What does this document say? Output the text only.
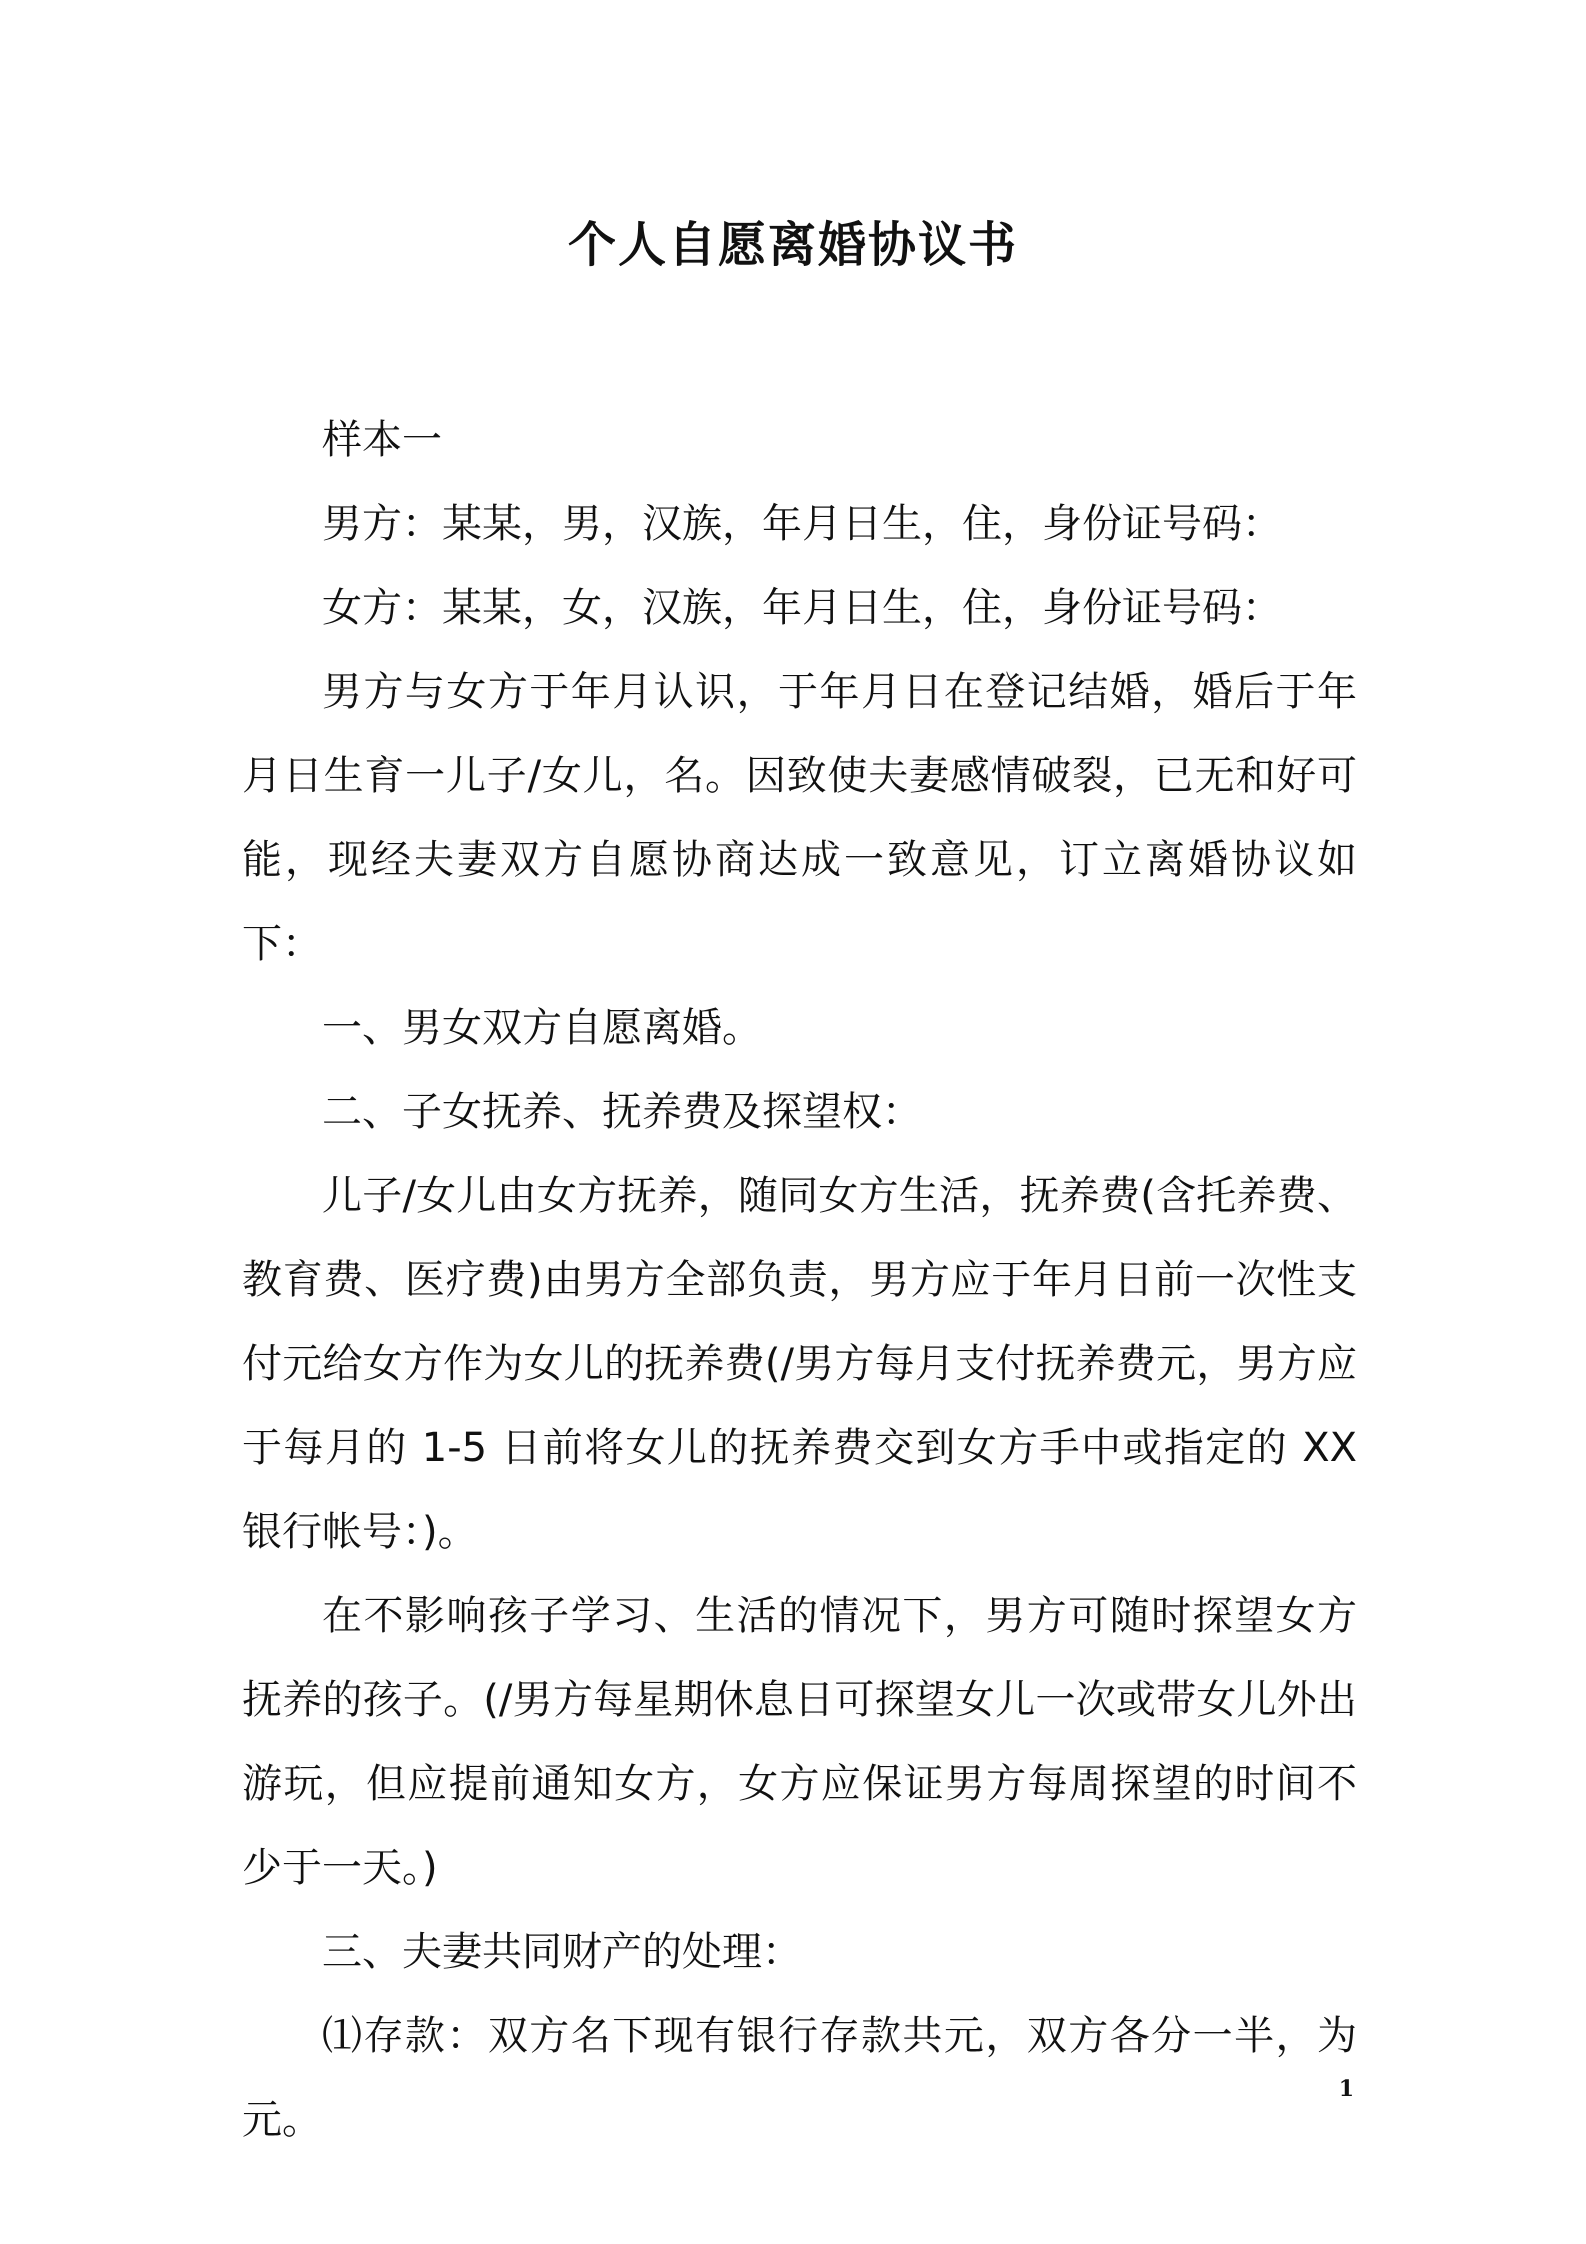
个人自愿离婚协议书

样本一

男方：某某，男，汉族，年月日生，住，身份证号码：

女方：某某，女，汉族，年月日生，住，身份证号码：

男方与女方于年月认识，于年月日在登记结婚，婚后于年月日生育一儿子/女儿，名。因致使夫妻感情破裂，已无和好可能，现经夫妻双方自愿协商达成一致意见，订立离婚协议如下：

一、男女双方自愿离婚。

二、子女抚养、抚养费及探望权：

儿子/女儿由女方抚养，随同女方生活，抚养费(含托养费、教育费、医疗费)由男方全部负责，男方应于年月日前一次性支付元给女方作为女儿的抚养费(/男方每月支付抚养费元，男方应于每月的 1-5 日前将女儿的抚养费交到女方手中或指定的 XX 银行帐号：)。

在不影响孩子学习、生活的情况下，男方可随时探望女方抚养的孩子。(/男方每星期休息日可探望女儿一次或带女儿外出游玩，但应提前通知女方，女方应保证男方每周探望的时间不少于一天。)

三、夫妻共同财产的处理：

⑴存款：双方名下现有银行存款共元，双方各分一半，为元。

1
